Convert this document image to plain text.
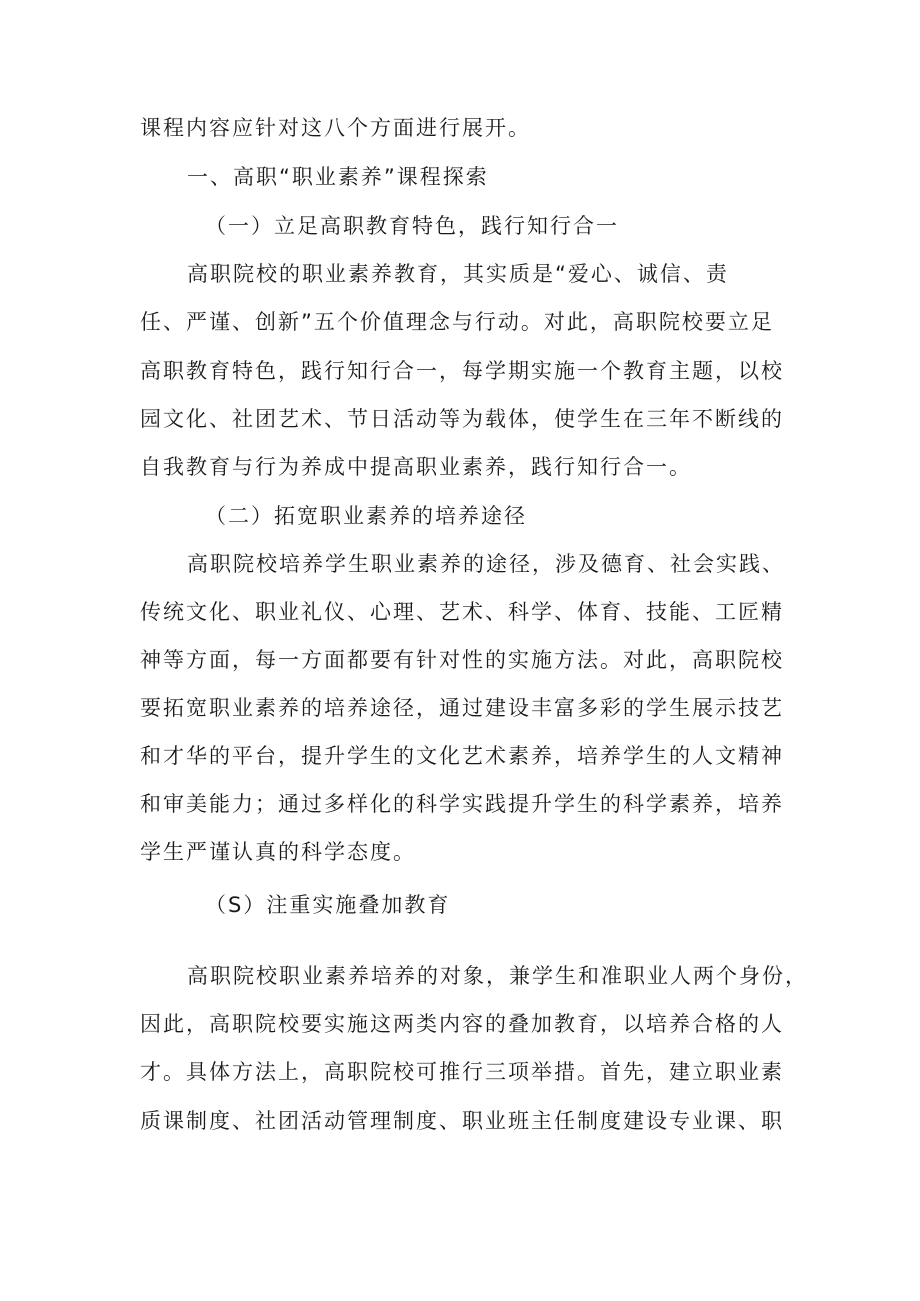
课程内容应针对这八个方面进行展开。

一、高职“职业素养”课程探索

（一）立足高职教育特色，践行知行合一

高职院校的职业素养教育，其实质是“爱心、诚信、责

任、严谨、创新”五个价值理念与行动。对此，高职院校要立足

高职教育特色，践行知行合一，每学期实施一个教育主题，以校

园文化、社团艺术、节日活动等为载体，使学生在三年不断线的

自我教育与行为养成中提高职业素养，践行知行合一。

（二）拓宽职业素养的培养途径

高职院校培养学生职业素养的途径，涉及德育、社会实践、

传统文化、职业礼仪、心理、艺术、科学、体育、技能、工匠精

神等方面，每一方面都要有针对性的实施方法。对此，高职院校

要拓宽职业素养的培养途径，通过建设丰富多彩的学生展示技艺

和才华的平台，提升学生的文化艺术素养，培养学生的人文精神

和审美能力；通过多样化的科学实践提升学生的科学素养，培养

学生严谨认真的科学态度。

（S）注重实施叠加教育

高职院校职业素养培养的对象，兼学生和准职业人两个身份，

因此，高职院校要实施这两类内容的叠加教育，以培养合格的人

才。具体方法上，高职院校可推行三项举措。首先，建立职业素

质课制度、社团活动管理制度、职业班主任制度建设专业课、职
